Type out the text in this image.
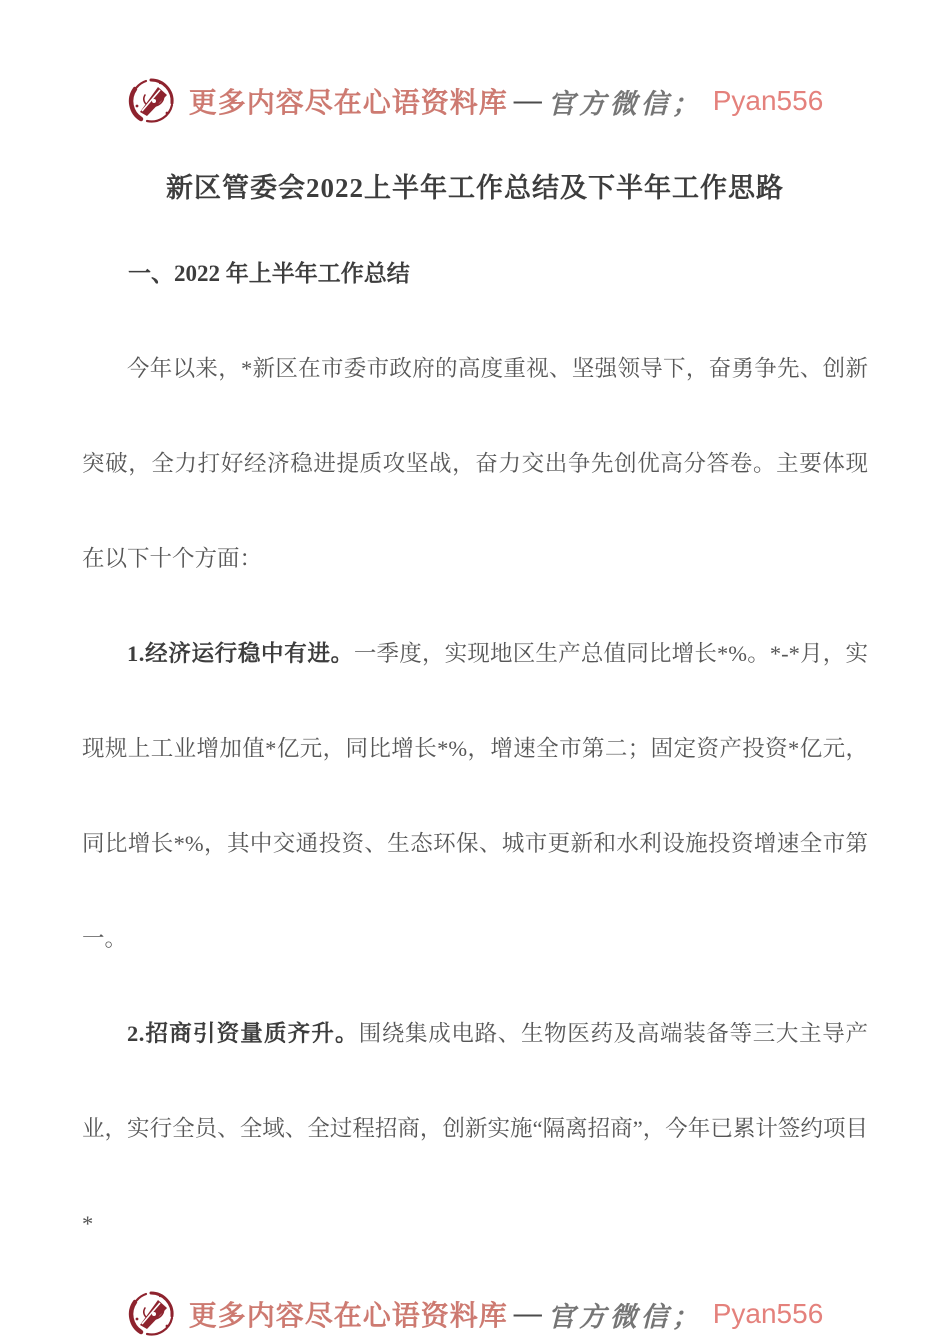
更多内容尽在心语资料库 — 官方微信； Pyan556
新区管委会2022上半年工作总结及下半年工作思路
一、2022 年上半年工作总结

今年以来，*新区在市委市政府的高度重视、坚强领导下，奋勇争先、创新突破，全力打好经济稳进提质攻坚战，奋力交出争先创优高分答卷。主要体现在以下十个方面：

1.经济运行稳中有进。一季度，实现地区生产总值同比增长*%。*-*月，实现规上工业增加值*亿元，同比增长*%，增速全市第二；固定资产投资*亿元，同比增长*%，其中交通投资、生态环保、城市更新和水利设施投资增速全市第一。

2.招商引资量质齐升。围绕集成电路、生物医药及高端装备等三大主导产业，实行全员、全域、全过程招商，创新实施“隔离招商”，今年已累计签约项目*

更多内容尽在心语资料库 — 官方微信； Pyan556
